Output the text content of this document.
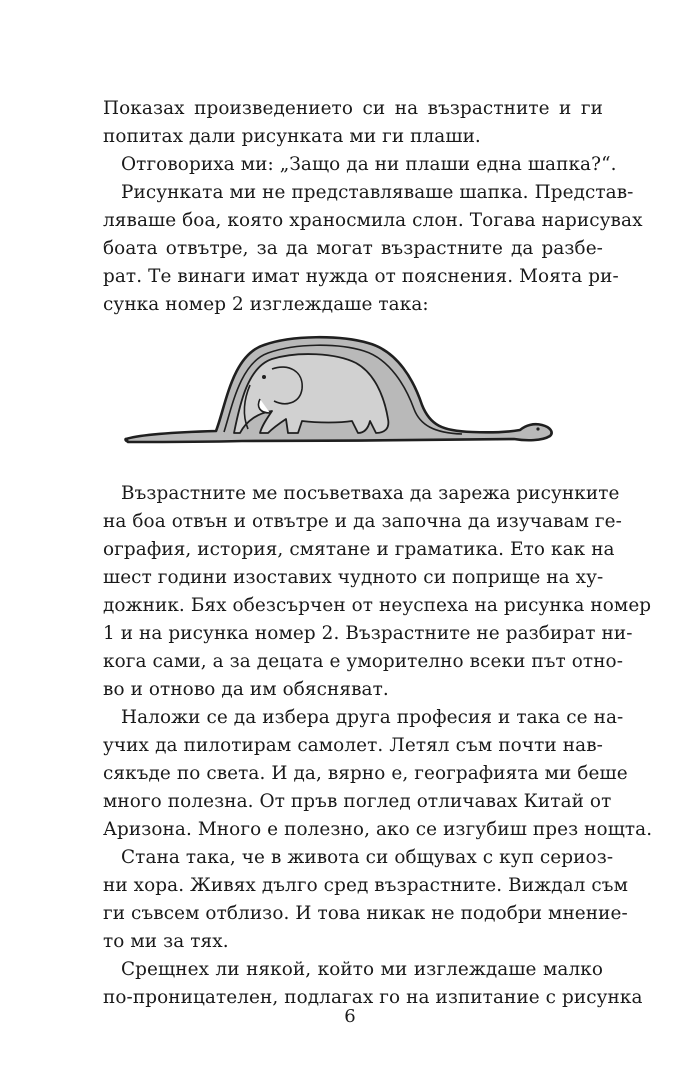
Показах произведението си на възрастните и ги
попитах дали рисунката ми ги плаши.
Отговориха ми: „Защо да ни плаши една шапка?“.
Рисунката ми не представляваше шапка. Представ-
ляваше боа, която храносмила слон. Тогава нарисувах
боата отвътре, за да могат възрастните да разбе-
рат. Те винаги имат нужда от пояснения. Моята ри-
сунка номер 2 изглеждаше така:
Възрастните ме посъветваха да зарежа рисунките
на боа отвън и отвътре и да започна да изучавам ге-
ография, история, смятане и граматика. Ето как на
шест години изоставих чудното си поприще на ху-
дожник. Бях обезсърчен от неуспеха на рисунка номер
1 и на рисунка номер 2. Възрастните не разбират ни-
кога сами, а за децата е уморително всеки път отно-
во и отново да им обясняват.
Наложи се да избера друга професия и така се на-
учих да пилотирам самолет. Летял съм почти нав-
сякъде по света. И да, вярно е, географията ми беше
много полезна. От пръв поглед отличавах Китай от
Аризона. Много е полезно, ако се изгубиш през нощта.
Стана така, че в живота си общувах с куп сериоз-
ни хора. Живях дълго сред възрастните. Виждал съм
ги съвсем отблизо. И това никак не подобри мнение-
то ми за тях.
Срещнех ли някой, който ми изглеждаше малко
по-проницателен, подлагах го на изпитание с рисунка
6
